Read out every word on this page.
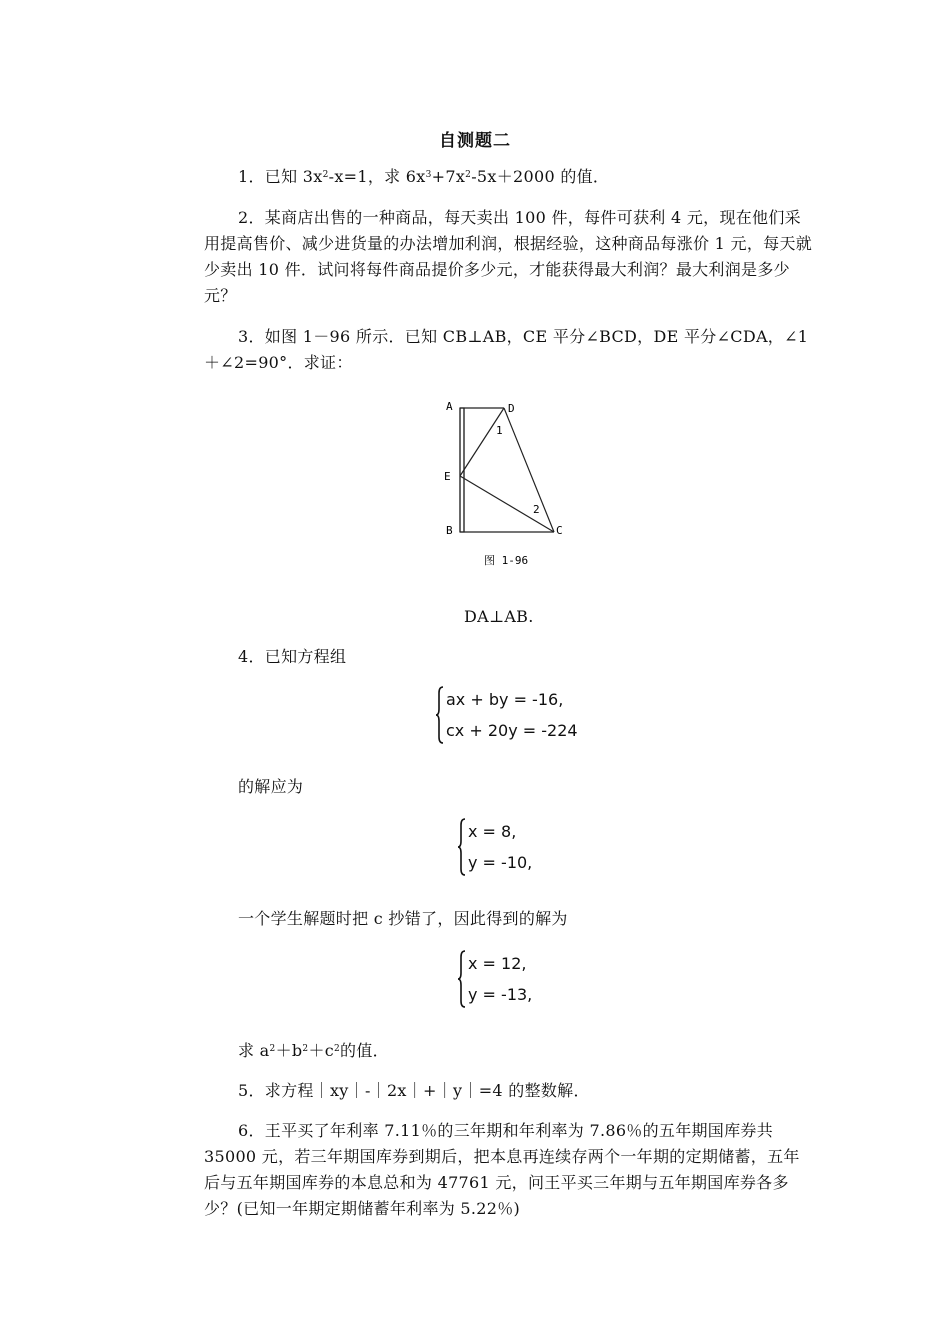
自测题二
1．已知 $3x^2-x=1$，求 $6x^3+7x^2-5x+2000$ 的值．
2．某商店出售的一种商品，每天卖出 100 件，每件可获利 4 元，现在他们采用提高售价、减少进货量的办法增加利润，根据经验，这种商品每涨价 1 元，每天就少卖出 10 件．试问将每件商品提价多少元，才能获得最大利润？最大利润是多少元？
3．如图 1－96 所示．已知 CB⊥AB，CE 平分∠BCD，DE 平分∠CDA，∠1＋∠2=90°．求证：
A	D
1
E
2
B	C
图 1-96
DA⊥AB.
4．已知方程组
ax + by = -16,
cx + 20y = -224
的解应为
x = 8,
y = -10,
一个学生解题时把 c 抄错了，因此得到的解为
x = 12,
y = -13,
求 $a^2+b^2+c^2$的值．
5．求方程｜xy｜-｜2x｜+｜y｜=4 的整数解．
6．王平买了年利率 7.11％的三年期和年利率为 7.86％的五年期国库券共 35000 元，若三年期国库券到期后，把本息再连续存两个一年期的定期储蓄，五年后与五年期国库券的本息总和为 47761 元，问王平买三年期与五年期国库券各多少？(已知一年期定期储蓄年利率为 5.22％)
